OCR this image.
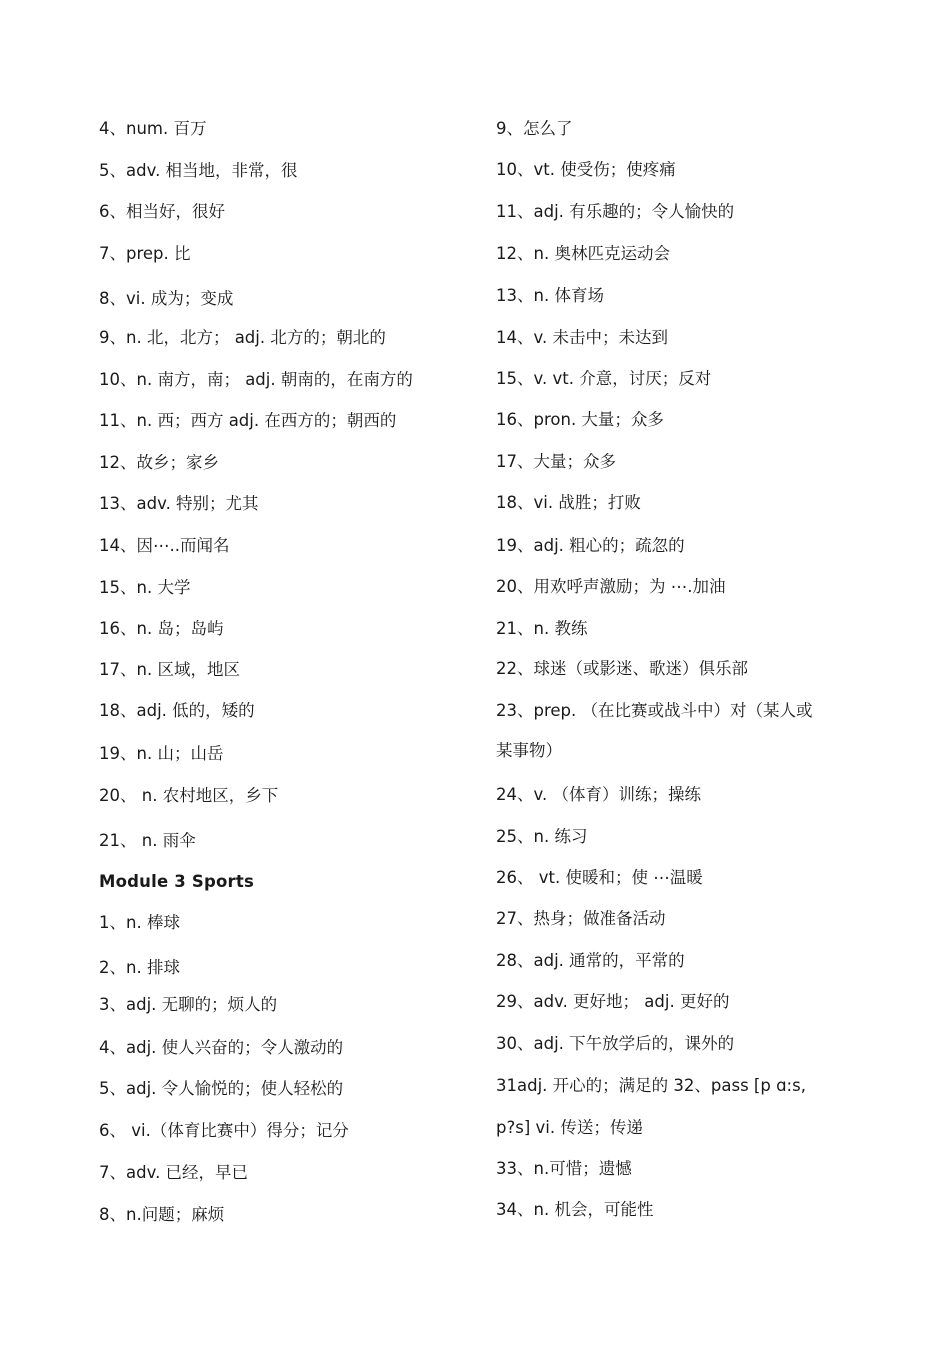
4、num. 百万
5、adv. 相当地，非常，很
6、相当好，很好
7、prep. 比
8、vi. 成为；变成
9、n. 北，北方； adj. 北方的；朝北的
10、n. 南方，南； adj. 朝南的，在南方的
11、n. 西；西方 adj. 在西方的；朝西的
12、故乡；家乡
13、adv. 特别；尤其
14、因⋯..而闻名
15、n. 大学
16、n. 岛；岛屿
17、n. 区域，地区
18、adj. 低的，矮的
19、n. 山；山岳
20、 n. 农村地区，乡下
21、 n. 雨伞
Module 3 Sports
1、n. 棒球
2、n. 排球
3、adj. 无聊的；烦人的
4、adj. 使人兴奋的；令人激动的
5、adj. 令人愉悦的；使人轻松的
6、 vi.（体育比赛中）得分；记分
7、adv. 已经，早已
8、n.问题；麻烦
9、怎么了
10、vt. 使受伤；使疼痛
11、adj. 有乐趣的；令人愉快的
12、n. 奥林匹克运动会
13、n. 体育场
14、v. 未击中；未达到
15、v. vt. 介意，讨厌；反对
16、pron. 大量；众多
17、大量；众多
18、vi. 战胜；打败
19、adj. 粗心的；疏忽的
20、用欢呼声激励；为 ⋯.加油
21、n. 教练
22、球迷（或影迷、歌迷）俱乐部
23、prep. （在比赛或战斗中）对（某人或
某事物）
24、v. （体育）训练；操练
25、n. 练习
26、 vt. 使暖和；使 ⋯温暖
27、热身；做准备活动
28、adj. 通常的，平常的
29、adv. 更好地； adj. 更好的
30、adj. 下午放学后的，课外的
31adj. 开心的；满足的 32、pass [p ɑ:s,
p?s] vi. 传送；传递
33、n.可惜；遗憾
34、n. 机会，可能性
